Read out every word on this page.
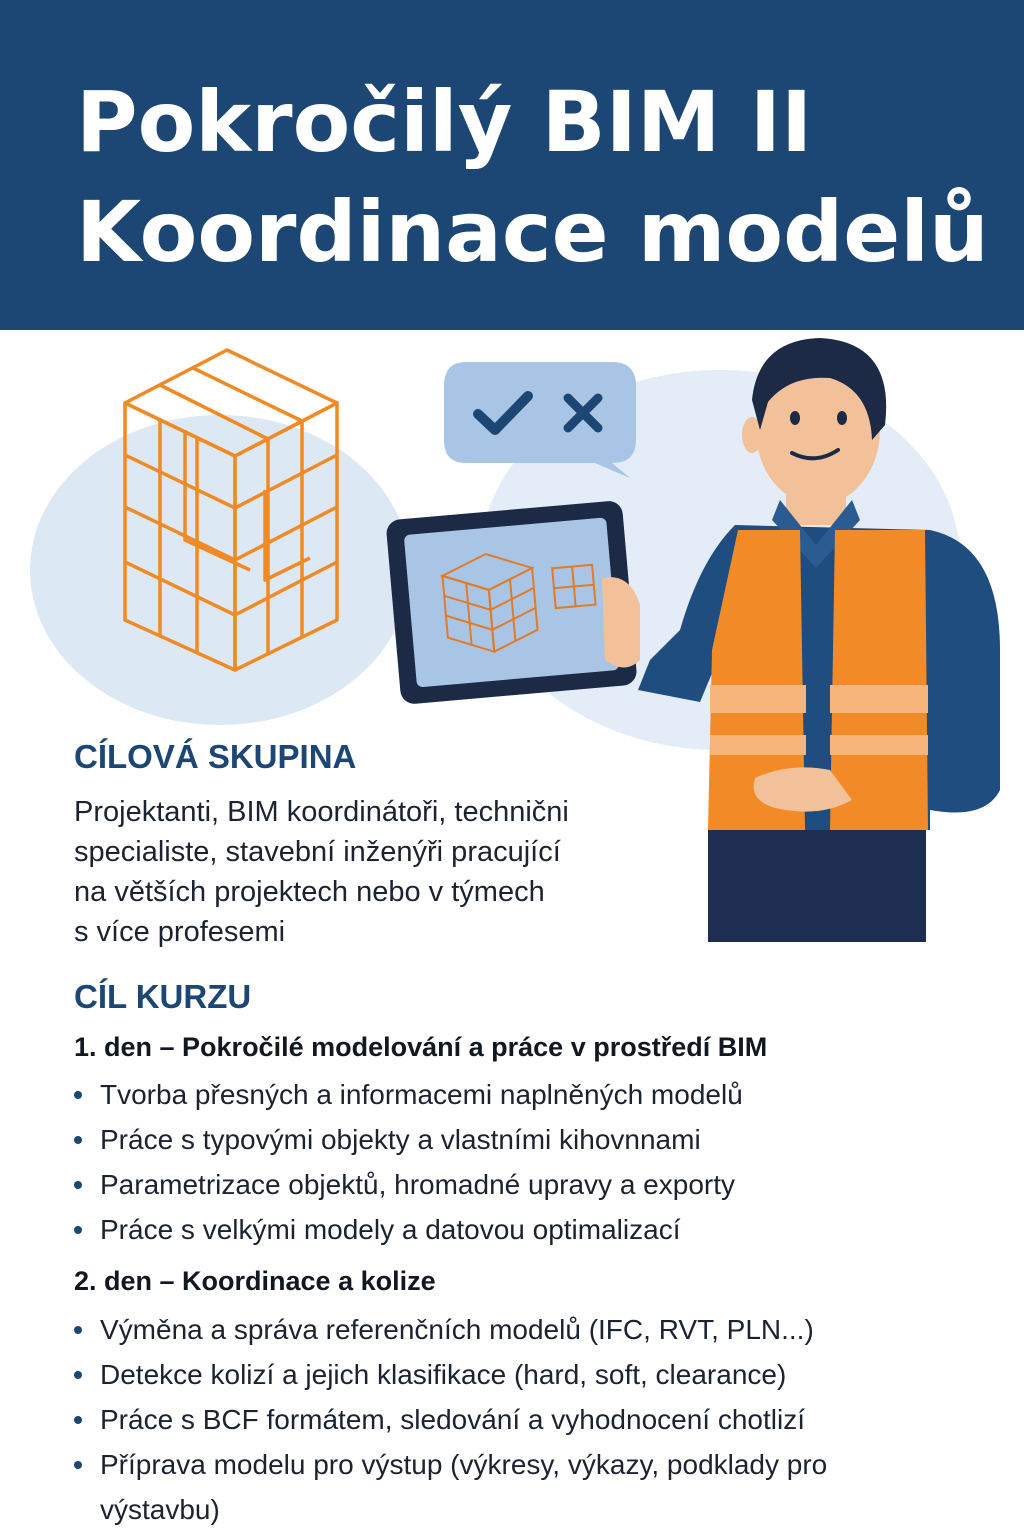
Pokročilý BIM II
Koordinace modelů
CÍLOVÁ SKUPINA
Projektanti, BIM koordinátoři, technični
specialiste, stavební inženýři pracující
na větších projektech nebo v týmech
s více profesemi
CÍL KURZU
1. den – Pokročilé modelování a práce v prostředí BIM
Tvorba přesných a informacemi naplněných modelů
Práce s typovými objekty a vlastními kihovnnami
Parametrizace objektů, hromadné upravy a exporty
Práce s velkými modely a datovou optimalizací
2. den – Koordinace a kolize
Výměna a správa referenčních modelů (IFC, RVT, PLN...)
Detekce kolizí a jejich klasifikace (hard, soft, clearance)
Práce s BCF formátem, sledování a vyhodnocení chotlizí
Příprava modelu pro výstup (výkresy, výkazy, podklady pro výstavbu)
